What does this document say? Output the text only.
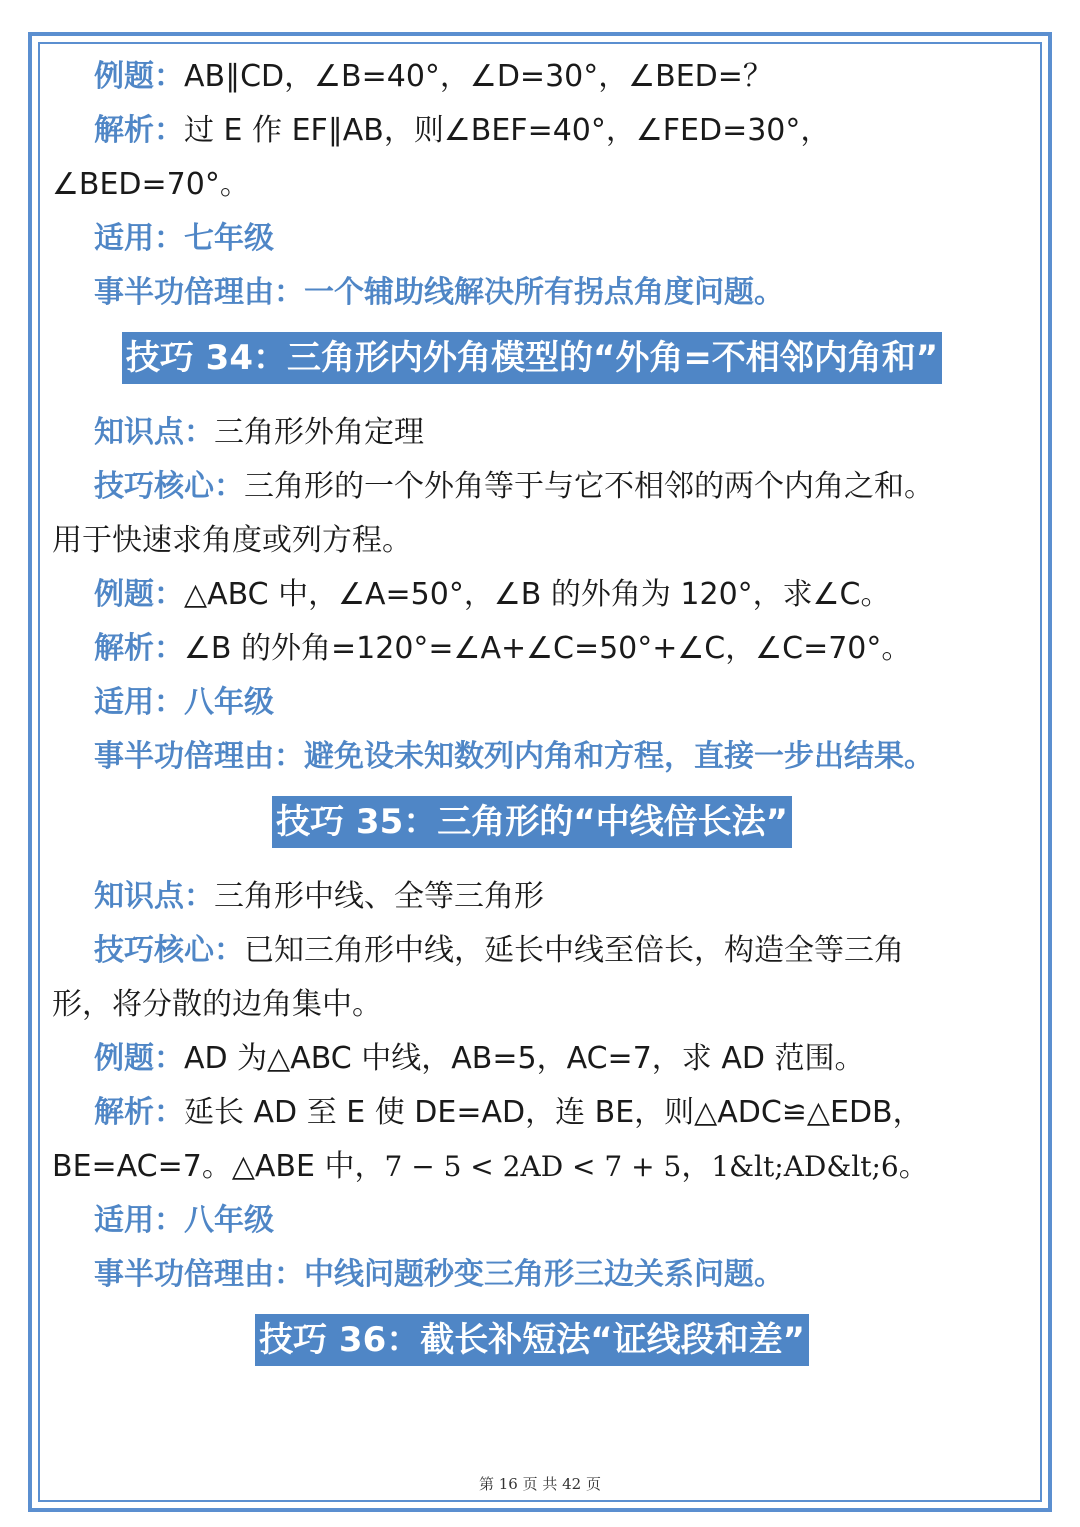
例题：AB∥CD，∠B=40°，∠D=30°，∠BED=？
解析：过 E 作 EF∥AB，则∠BEF=40°，∠FED=30°，
∠BED=70°。
适用：七年级
事半功倍理由：一个辅助线解决所有拐点角度问题。
技巧 34：三角形内外角模型的“外角=不相邻内角和”
知识点：三角形外角定理
技巧核心：三角形的一个外角等于与它不相邻的两个内角之和。
用于快速求角度或列方程。
例题：△ABC 中，∠A=50°，∠B 的外角为 120°，求∠C。
解析：∠B 的外角=120°=∠A+∠C=50°+∠C，∠C=70°。
适用：八年级
事半功倍理由：避免设未知数列内角和方程，直接一步出结果。
技巧 35：三角形的“中线倍长法”
知识点：三角形中线、全等三角形
技巧核心：已知三角形中线，延长中线至倍长，构造全等三角
形，将分散的边角集中。
例题：AD 为△ABC 中线，AB=5，AC=7，求 AD 范围。
解析：延长 AD 至 E 使 DE=AD，连 BE，则△ADC≌△EDB，
BE=AC=7。△ABE 中，7 − 5 < 2AD < 7 + 5，1&lt;AD&lt;6。
适用：八年级
事半功倍理由：中线问题秒变三角形三边关系问题。
技巧 36：截长补短法“证线段和差”
第 16 页 共 42 页
